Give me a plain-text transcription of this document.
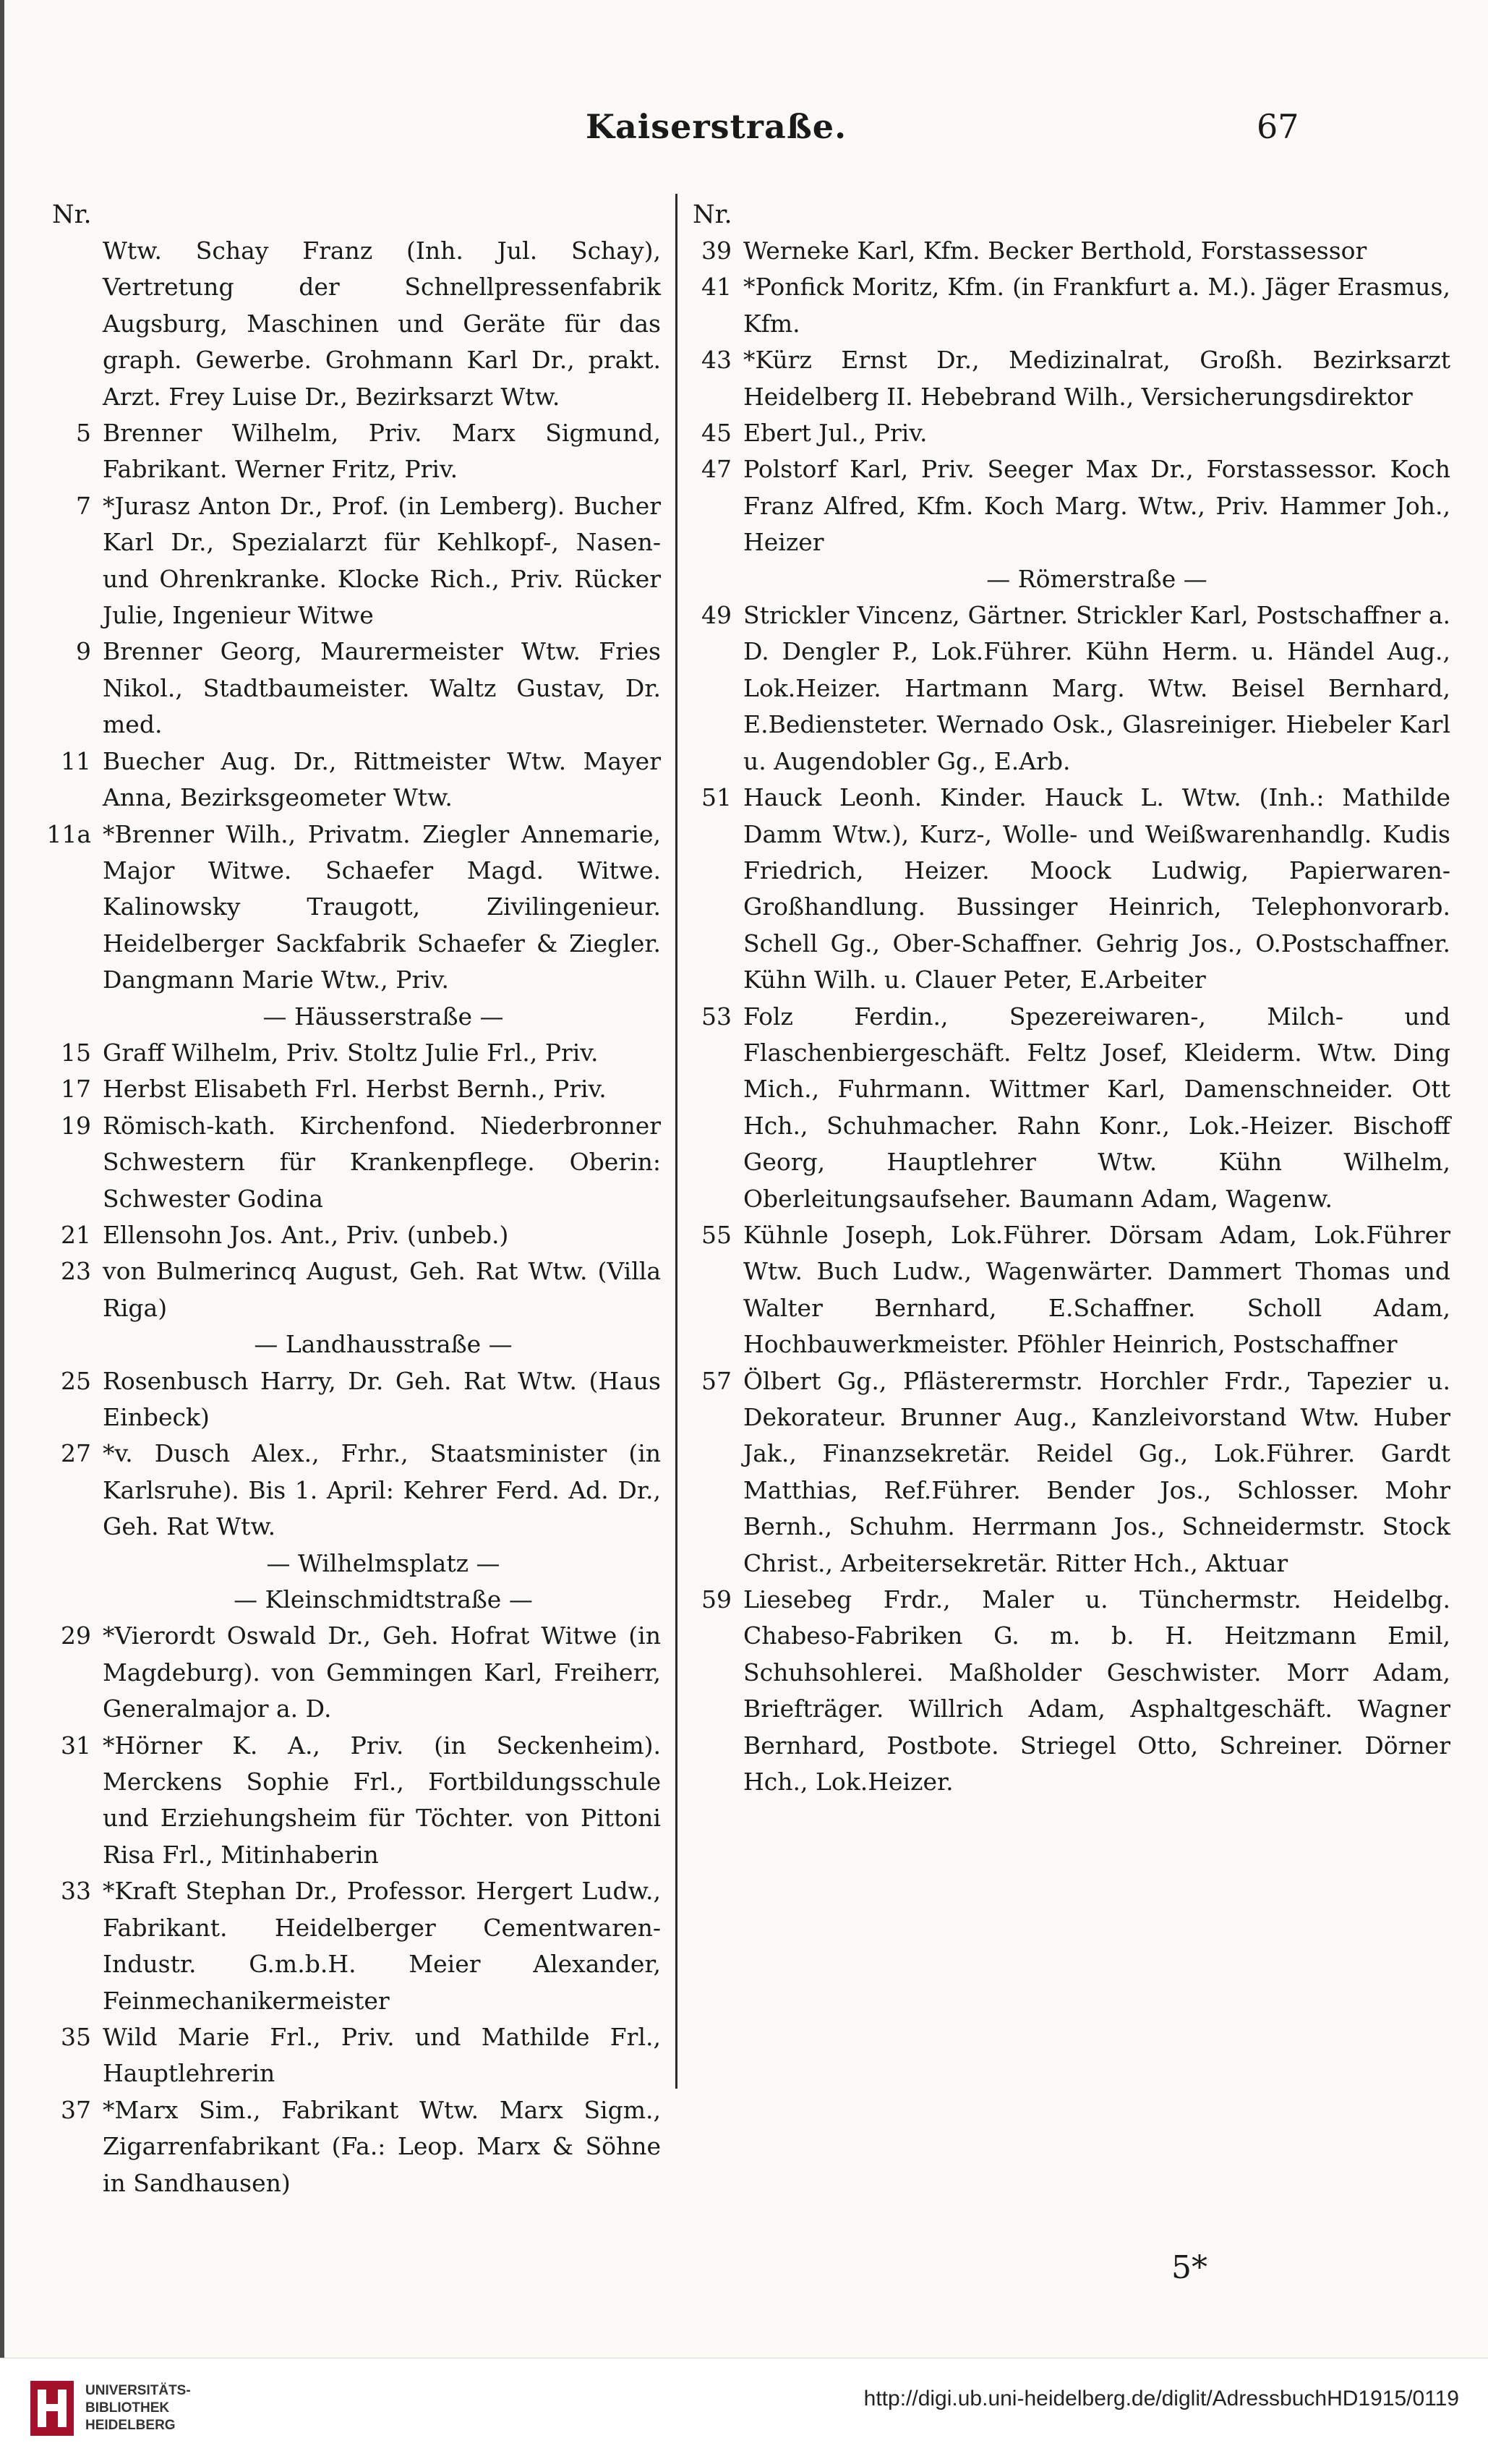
Kaiserstraße.	67
Nr.
Wtw. Schay Franz (Inh. Jul. Schay), Vertretung der Schnellpressenfabrik Augsburg, Maschinen und Geräte für das graph. Gewerbe. Grohmann Karl Dr., prakt. Arzt. Frey Luise Dr., Bezirksarzt Wtw.
5 Brenner Wilhelm, Priv. Marx Sigmund, Fabrikant. Werner Fritz, Priv.
7 *Jurasz Anton Dr., Prof. (in Lemberg). Bucher Karl Dr., Spezialarzt für Kehlkopf-, Nasen- und Ohrenkranke. Klocke Rich., Priv. Rücker Julie, Ingenieur Witwe
9 Brenner Georg, Maurermeister Wtw. Fries Nikol., Stadtbaumeister. Waltz Gustav, Dr. med.
11 Buecher Aug. Dr., Rittmeister Wtw. Mayer Anna, Bezirksgeometer Wtw.
11a *Brenner Wilh., Privatm. Ziegler Annemarie, Major Witwe. Schaefer Magd. Witwe. Kalinowsky Traugott, Zivilingenieur. Heidelberger Sackfabrik Schaefer & Ziegler. Dangmann Marie Wtw., Priv.
— Häusserstraße —
15 Graff Wilhelm, Priv. Stoltz Julie Frl., Priv.
17 Herbst Elisabeth Frl. Herbst Bernh., Priv.
19 Römisch-kath. Kirchenfond. Niederbronner Schwestern für Krankenpflege. Oberin: Schwester Godina
21 Ellensohn Jos. Ant., Priv. (unbeb.)
23 von Bulmerincq August, Geh. Rat Wtw. (Villa Riga)
— Landhausstraße —
25 Rosenbusch Harry, Dr. Geh. Rat Wtw. (Haus Einbeck)
27 *v. Dusch Alex., Frhr., Staatsminister (in Karlsruhe). Bis 1. April: Kehrer Ferd. Ad. Dr., Geh. Rat Wtw.
— Wilhelmsplatz —
— Kleinschmidtstraße —
29 *Vierordt Oswald Dr., Geh. Hofrat Witwe (in Magdeburg). von Gemmingen Karl, Freiherr, Generalmajor a. D.
31 *Hörner K. A., Priv. (in Seckenheim). Merckens Sophie Frl., Fortbildungsschule und Erziehungsheim für Töchter. von Pittoni Risa Frl., Mitinhaberin
33 *Kraft Stephan Dr., Professor. Hergert Ludw., Fabrikant. Heidelberger Cementwaren-Industr. G.m.b.H. Meier Alexander, Feinmechanikermeister
35 Wild Marie Frl., Priv. und Mathilde Frl., Hauptlehrerin
37 *Marx Sim., Fabrikant Wtw. Marx Sigm., Zigarrenfabrikant (Fa.: Leop. Marx & Söhne in Sandhausen)
Nr.
39 Werneke Karl, Kfm. Becker Berthold, Forstassessor
41 *Ponfick Moritz, Kfm. (in Frankfurt a. M.). Jäger Erasmus, Kfm.
43 *Kürz Ernst Dr., Medizinalrat, Großh. Bezirksarzt Heidelberg II. Hebebrand Wilh., Versicherungsdirektor
45 Ebert Jul., Priv.
47 Polstorf Karl, Priv. Seeger Max Dr., Forstassessor. Koch Franz Alfred, Kfm. Koch Marg. Wtw., Priv. Hammer Joh., Heizer
— Römerstraße —
49 Strickler Vincenz, Gärtner. Strickler Karl, Postschaffner a. D. Dengler P., Lok.Führer. Kühn Herm. u. Händel Aug., Lok.Heizer. Hartmann Marg. Wtw. Beisel Bernhard, E.Bediensteter. Wernado Osk., Glasreiniger. Hiebeler Karl u. Augendobler Gg., E.Arb.
51 Hauck Leonh. Kinder. Hauck L. Wtw. (Inh.: Mathilde Damm Wtw.), Kurz-, Wolle- und Weißwarenhandlg. Kudis Friedrich, Heizer. Moock Ludwig, Papierwaren-Großhandlung. Bussinger Heinrich, Telephonvorarb. Schell Gg., Ober-Schaffner. Gehrig Jos., O.Postschaffner. Kühn Wilh. u. Clauer Peter, E.Arbeiter
53 Folz Ferdin., Spezereiwaren-, Milch- und Flaschenbiergeschäft. Feltz Josef, Kleiderm. Wtw. Ding Mich., Fuhrmann. Wittmer Karl, Damenschneider. Ott Hch., Schuhmacher. Rahn Konr., Lok.-Heizer. Bischoff Georg, Hauptlehrer Wtw. Kühn Wilhelm, Oberleitungsaufseher. Baumann Adam, Wagenw.
55 Kühnle Joseph, Lok.Führer. Dörsam Adam, Lok.Führer Wtw. Buch Ludw., Wagenwärter. Dammert Thomas und Walter Bernhard, E.Schaffner. Scholl Adam, Hochbauwerkmeister. Pföhler Heinrich, Postschaffner
57 Ölbert Gg., Pflästerermstr. Horchler Frdr., Tapezier u. Dekorateur. Brunner Aug., Kanzleivorstand Wtw. Huber Jak., Finanzsekretär. Reidel Gg., Lok.Führer. Gardt Matthias, Ref.Führer. Bender Jos., Schlosser. Mohr Bernh., Schuhm. Herrmann Jos., Schneidermstr. Stock Christ., Arbeitersekretär. Ritter Hch., Aktuar
59 Liesebeg Frdr., Maler u. Tünchermstr. Heidelbg. Chabeso-Fabriken G. m. b. H. Heitzmann Emil, Schuhsohlerei. Maßholder Geschwister. Morr Adam, Briefträger. Willrich Adam, Asphaltgeschäft. Wagner Bernhard, Postbote. Striegel Otto, Schreiner. Dörner Hch., Lok.Heizer.
5*
UNIVERSITÄTS-
BIBLIOTHEK
HEIDELBERG
http://digi.ub.uni-heidelberg.de/diglit/AdressbuchHD1915/0119
